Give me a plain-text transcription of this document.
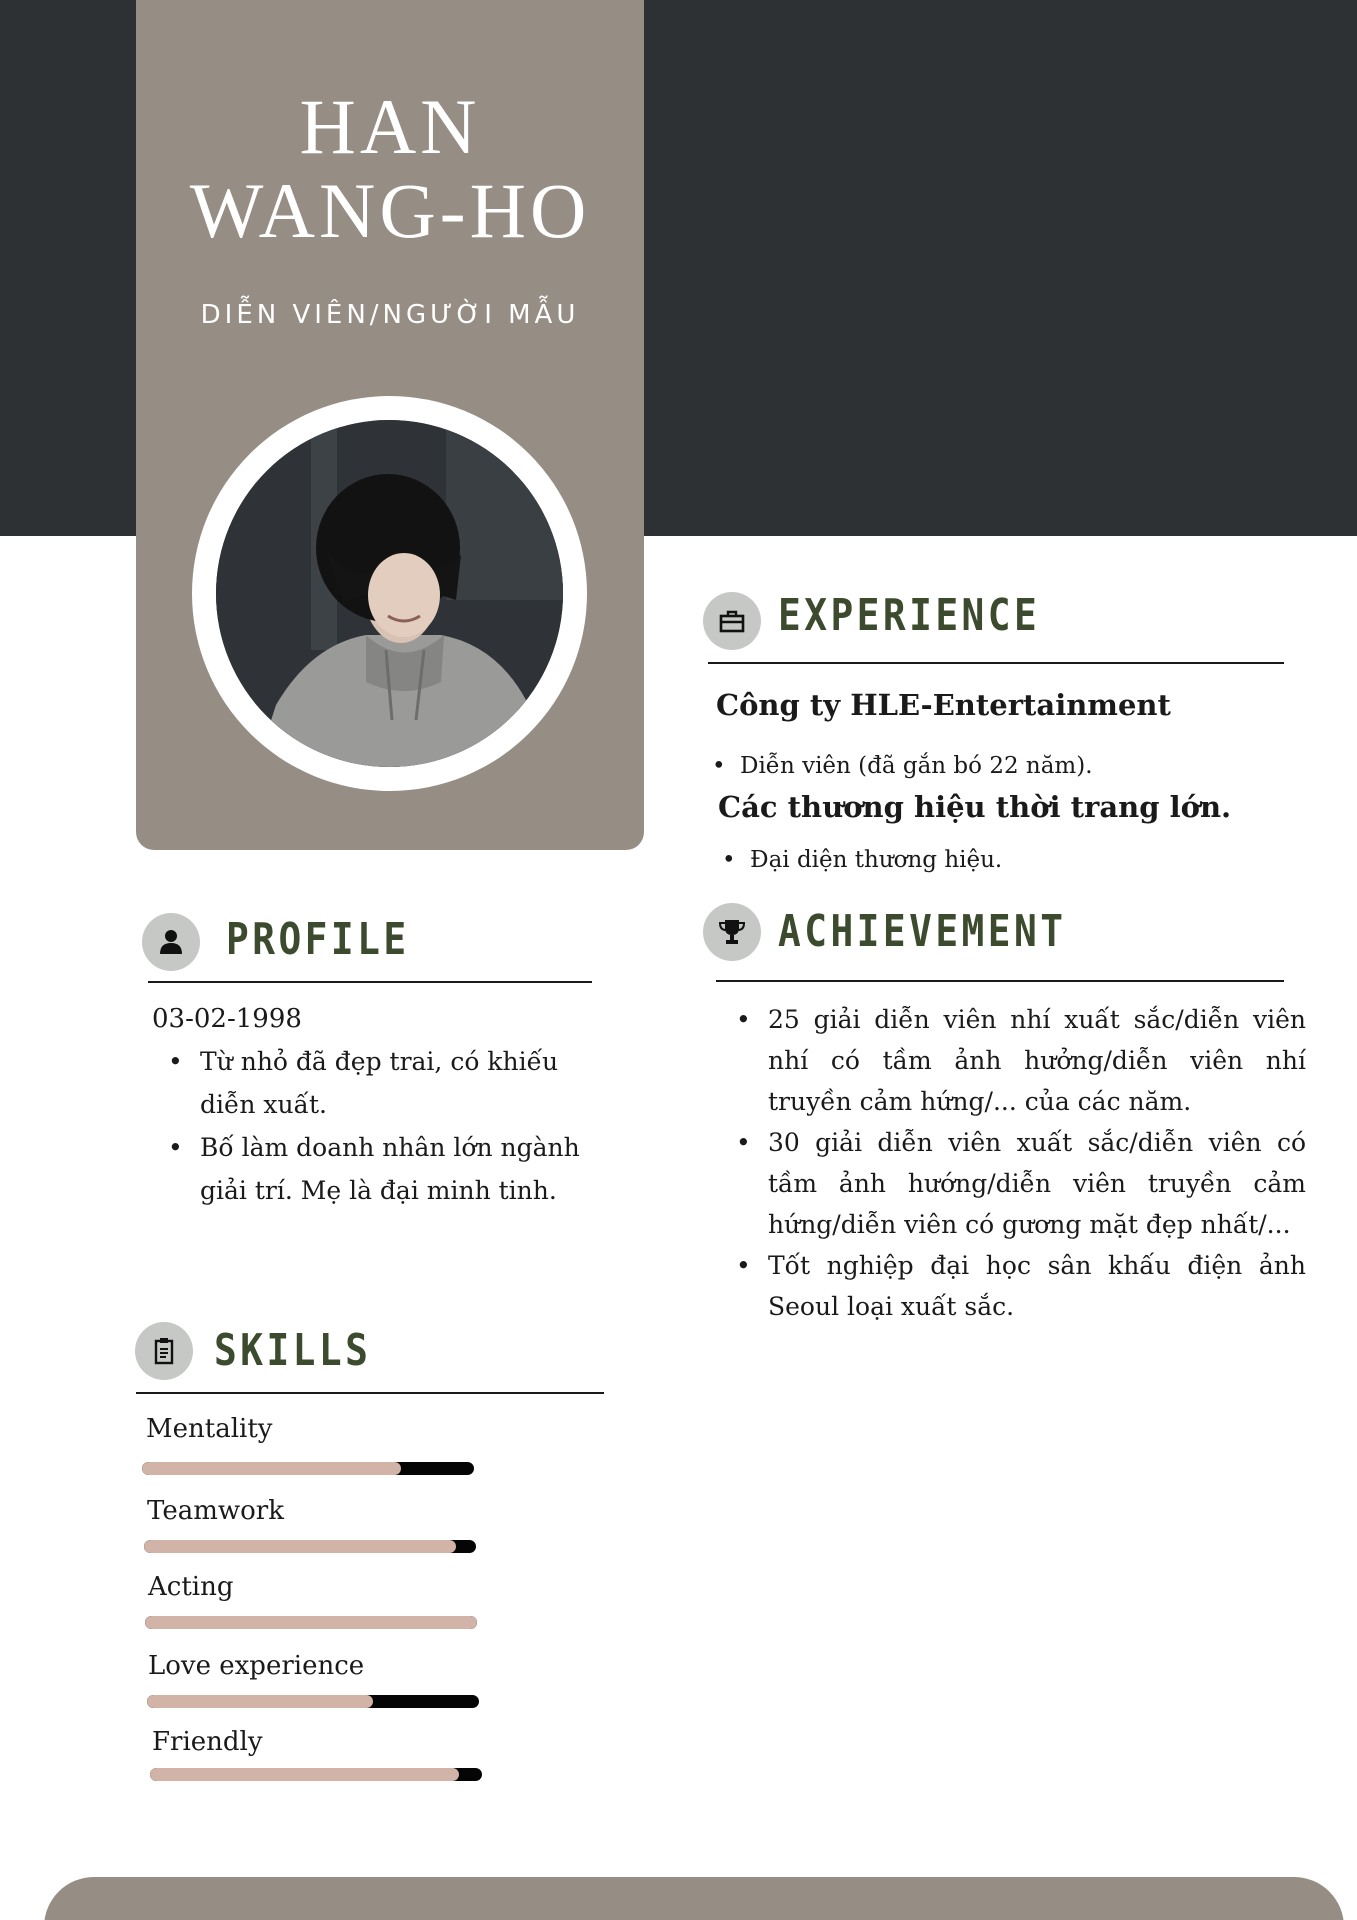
HAN
WANG-HO
DIỄN VIÊN/NGƯỜI MẪU
PROFILE
03-02-1998
• Từ nhỏ đã đẹp trai, có khiếu diễn xuất.
• Bố làm doanh nhân lớn ngành giải trí. Mẹ là đại minh tinh.
SKILLS
Mentality
Teamwork
Acting
Love experience
Friendly
EXPERIENCE
Công ty HLE-Entertainment
• Diễn viên (đã gắn bó 22 năm).
Các thương hiệu thời trang lớn.
• Đại diện thương hiệu.
ACHIEVEMENT
• 25 giải diễn viên nhí xuất sắc/diễn viên nhí có tầm ảnh hưởng/diễn viên nhí truyền cảm hứng/... của các năm.
• 30 giải diễn viên xuất sắc/diễn viên có tầm ảnh hướng/diễn viên truyền cảm hứng/diễn viên có gương mặt đẹp nhất/...
• Tốt nghiệp đại học sân khấu điện ảnh Seoul loại xuất sắc.
